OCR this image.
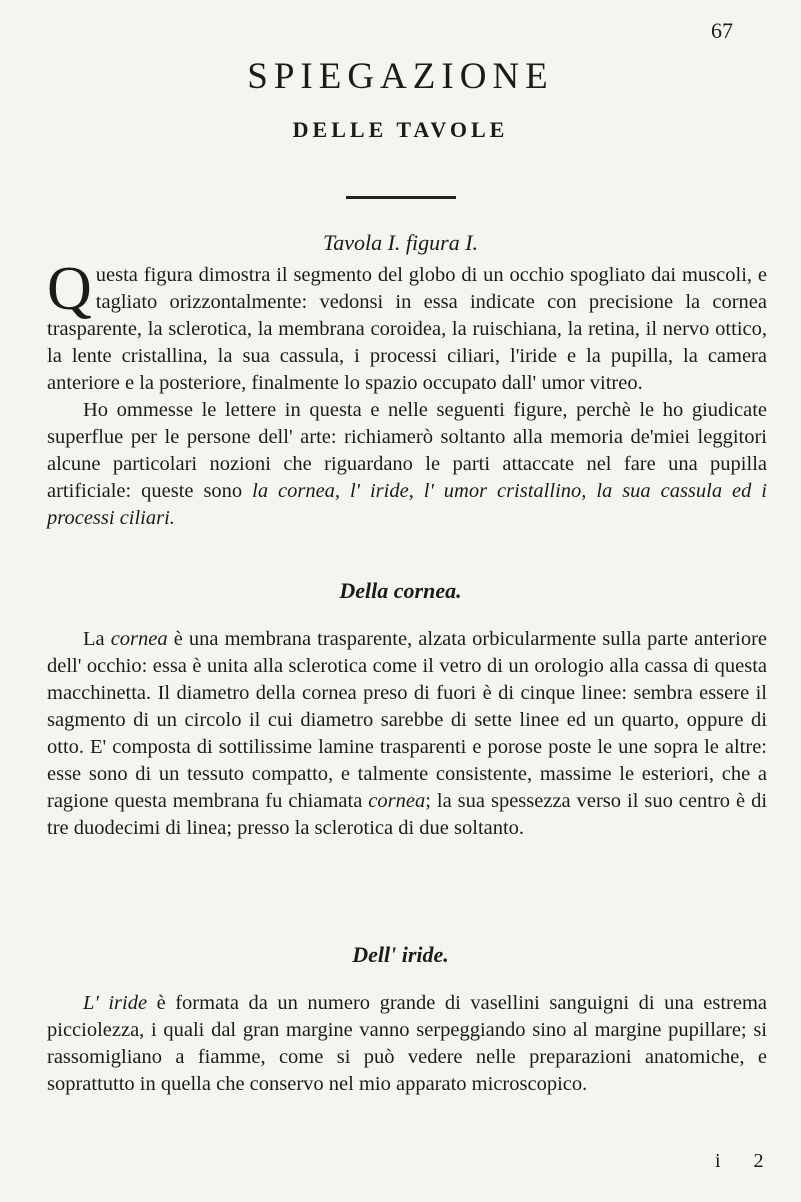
67
SPIEGAZIONE
DELLE TAVOLE
Tavola I. figura I.

Questa figura dimostra il segmento del globo di un occhio spogliato dai muscoli, e tagliato orizzontalmente: vedonsi in essa indicate con precisione la cornea trasparente, la sclerotica, la membrana coroidea, la ruischiana, la retina, il nervo ottico, la lente cristallina, la sua cassula, i processi ciliari, l'iride e la pupilla, la camera anteriore e la posteriore, finalmente lo spazio occupato dall' umor vitreo.

Ho ommesse le lettere in questa e nelle seguenti figure, perchè le ho giudicate superflue per le persone dell' arte: richiamerò soltanto alla memoria de'miei leggitori alcune particolari nozioni che riguardano le parti attaccate nel fare una pupilla artificiale: queste sono la cornea, l' iride, l' umor cristallino, la sua cassula ed i processi ciliari.

Della cornea.

La cornea è una membrana trasparente, alzata orbicularmente sulla parte anteriore dell' occhio: essa è unita alla sclerotica come il vetro di un orologio alla cassa di questa macchinetta. Il diametro della cornea preso di fuori è di cinque linee: sembra essere il sagmento di un circolo il cui diametro sarebbe di sette linee ed un quarto, oppure di otto. E' composta di sottilissime lamine trasparenti e porose poste le une sopra le altre: esse sono di un tessuto compatto, e talmente consistente, massime le esteriori, che a ragione questa membrana fu chiamata cornea; la sua spessezza verso il suo centro è di tre duodecimi di linea; presso la sclerotica di due soltanto.

Dell' iride.

L' iride è formata da un numero grande di vasellini sanguigni di una estrema picciolezza, i quali dal gran margine vanno serpeggiando sino al margine pupillare; si rassomigliano a fiamme, come si può vedere nelle preparazioni anatomiche, e soprattutto in quella che conservo nel mio apparato microscopico.

i 2
